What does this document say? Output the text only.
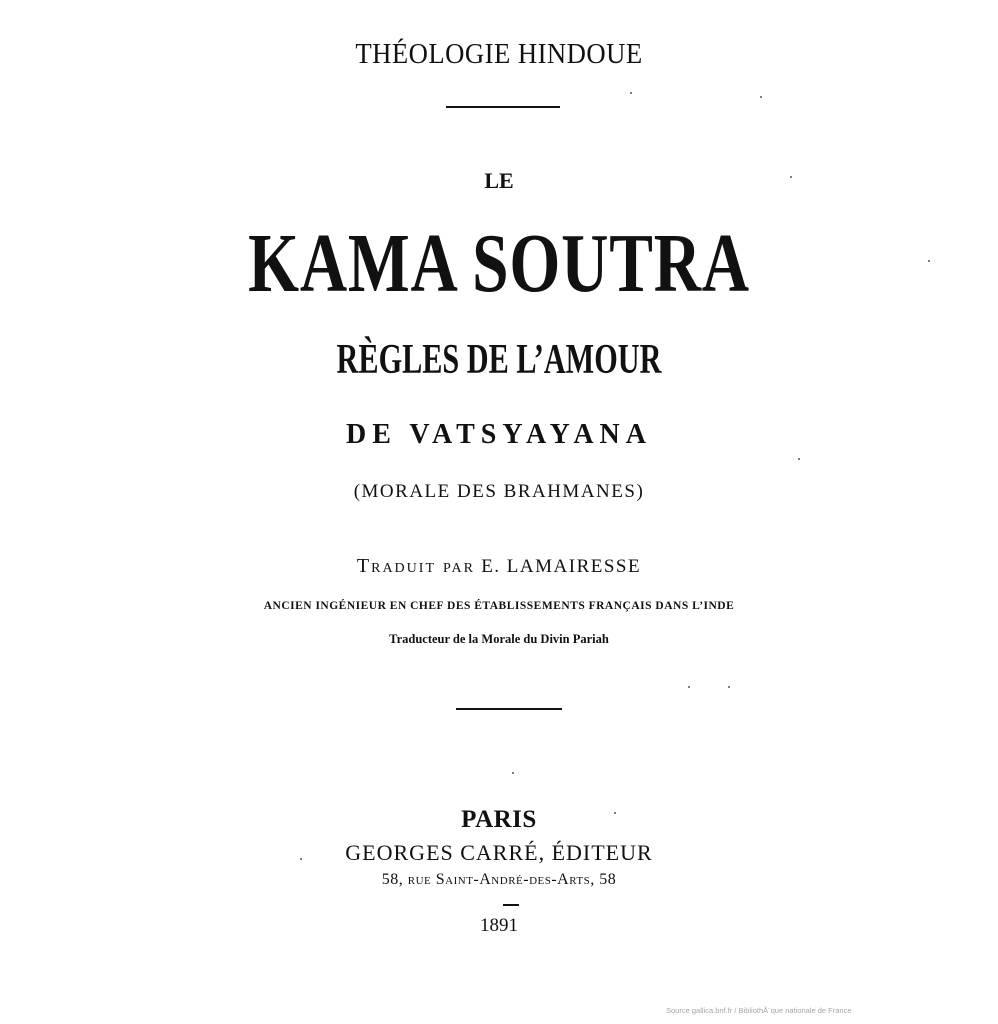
THÉOLOGIE HINDOUE
LE
KAMA SOUTRA
RÈGLES DE L’AMOUR
DE VATSYAYANA
(MORALE DES BRAHMANES)
Traduit par E. LAMAIRESSE
ANCIEN INGÉNIEUR EN CHEF DES ÉTABLISSEMENTS FRANÇAIS DANS L’INDE
Traducteur de la Morale du Divin Pariah
PARIS
GEORGES CARRÉ, ÉDITEUR
58, rue Saint-André-des-Arts, 58
1891
Source gallica.bnf.fr / BibliothÃ¨que nationale de France
